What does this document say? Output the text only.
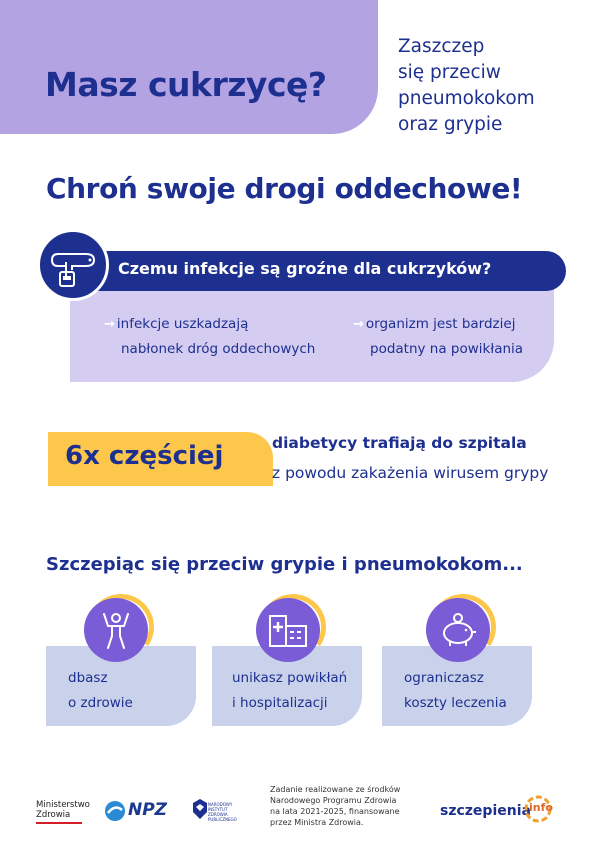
Masz cukrzycę?
Zaszczep
się przeciw
pneumokokom
oraz grypie
Chroń swoje drogi oddechowe!
Czemu infekcje są groźne dla cukrzyków?
→ infekcje uszkadzają
nabłonek dróg oddechowych
→ organizm jest bardziej
podatny na powikłania
6x częściej	diabetycy trafiają do szpitala
z powodu zakażenia wirusem grypy
Szczepiąc się przeciw grypie i pneumokokom...
dbasz
o zdrowie
unikasz powikłań
i hospitalizacji
ograniczasz
koszty leczenia
Ministerstwo
Zdrowia	NPZ	NARODOWY
INSTYTUT
ZDROWIA
PUBLICZNEGO
Zadanie realizowane ze środków
Narodowego Programu Zdrowia
na lata 2021-2025, finansowane
przez Ministra Zdrowia.
szczepienia
info
